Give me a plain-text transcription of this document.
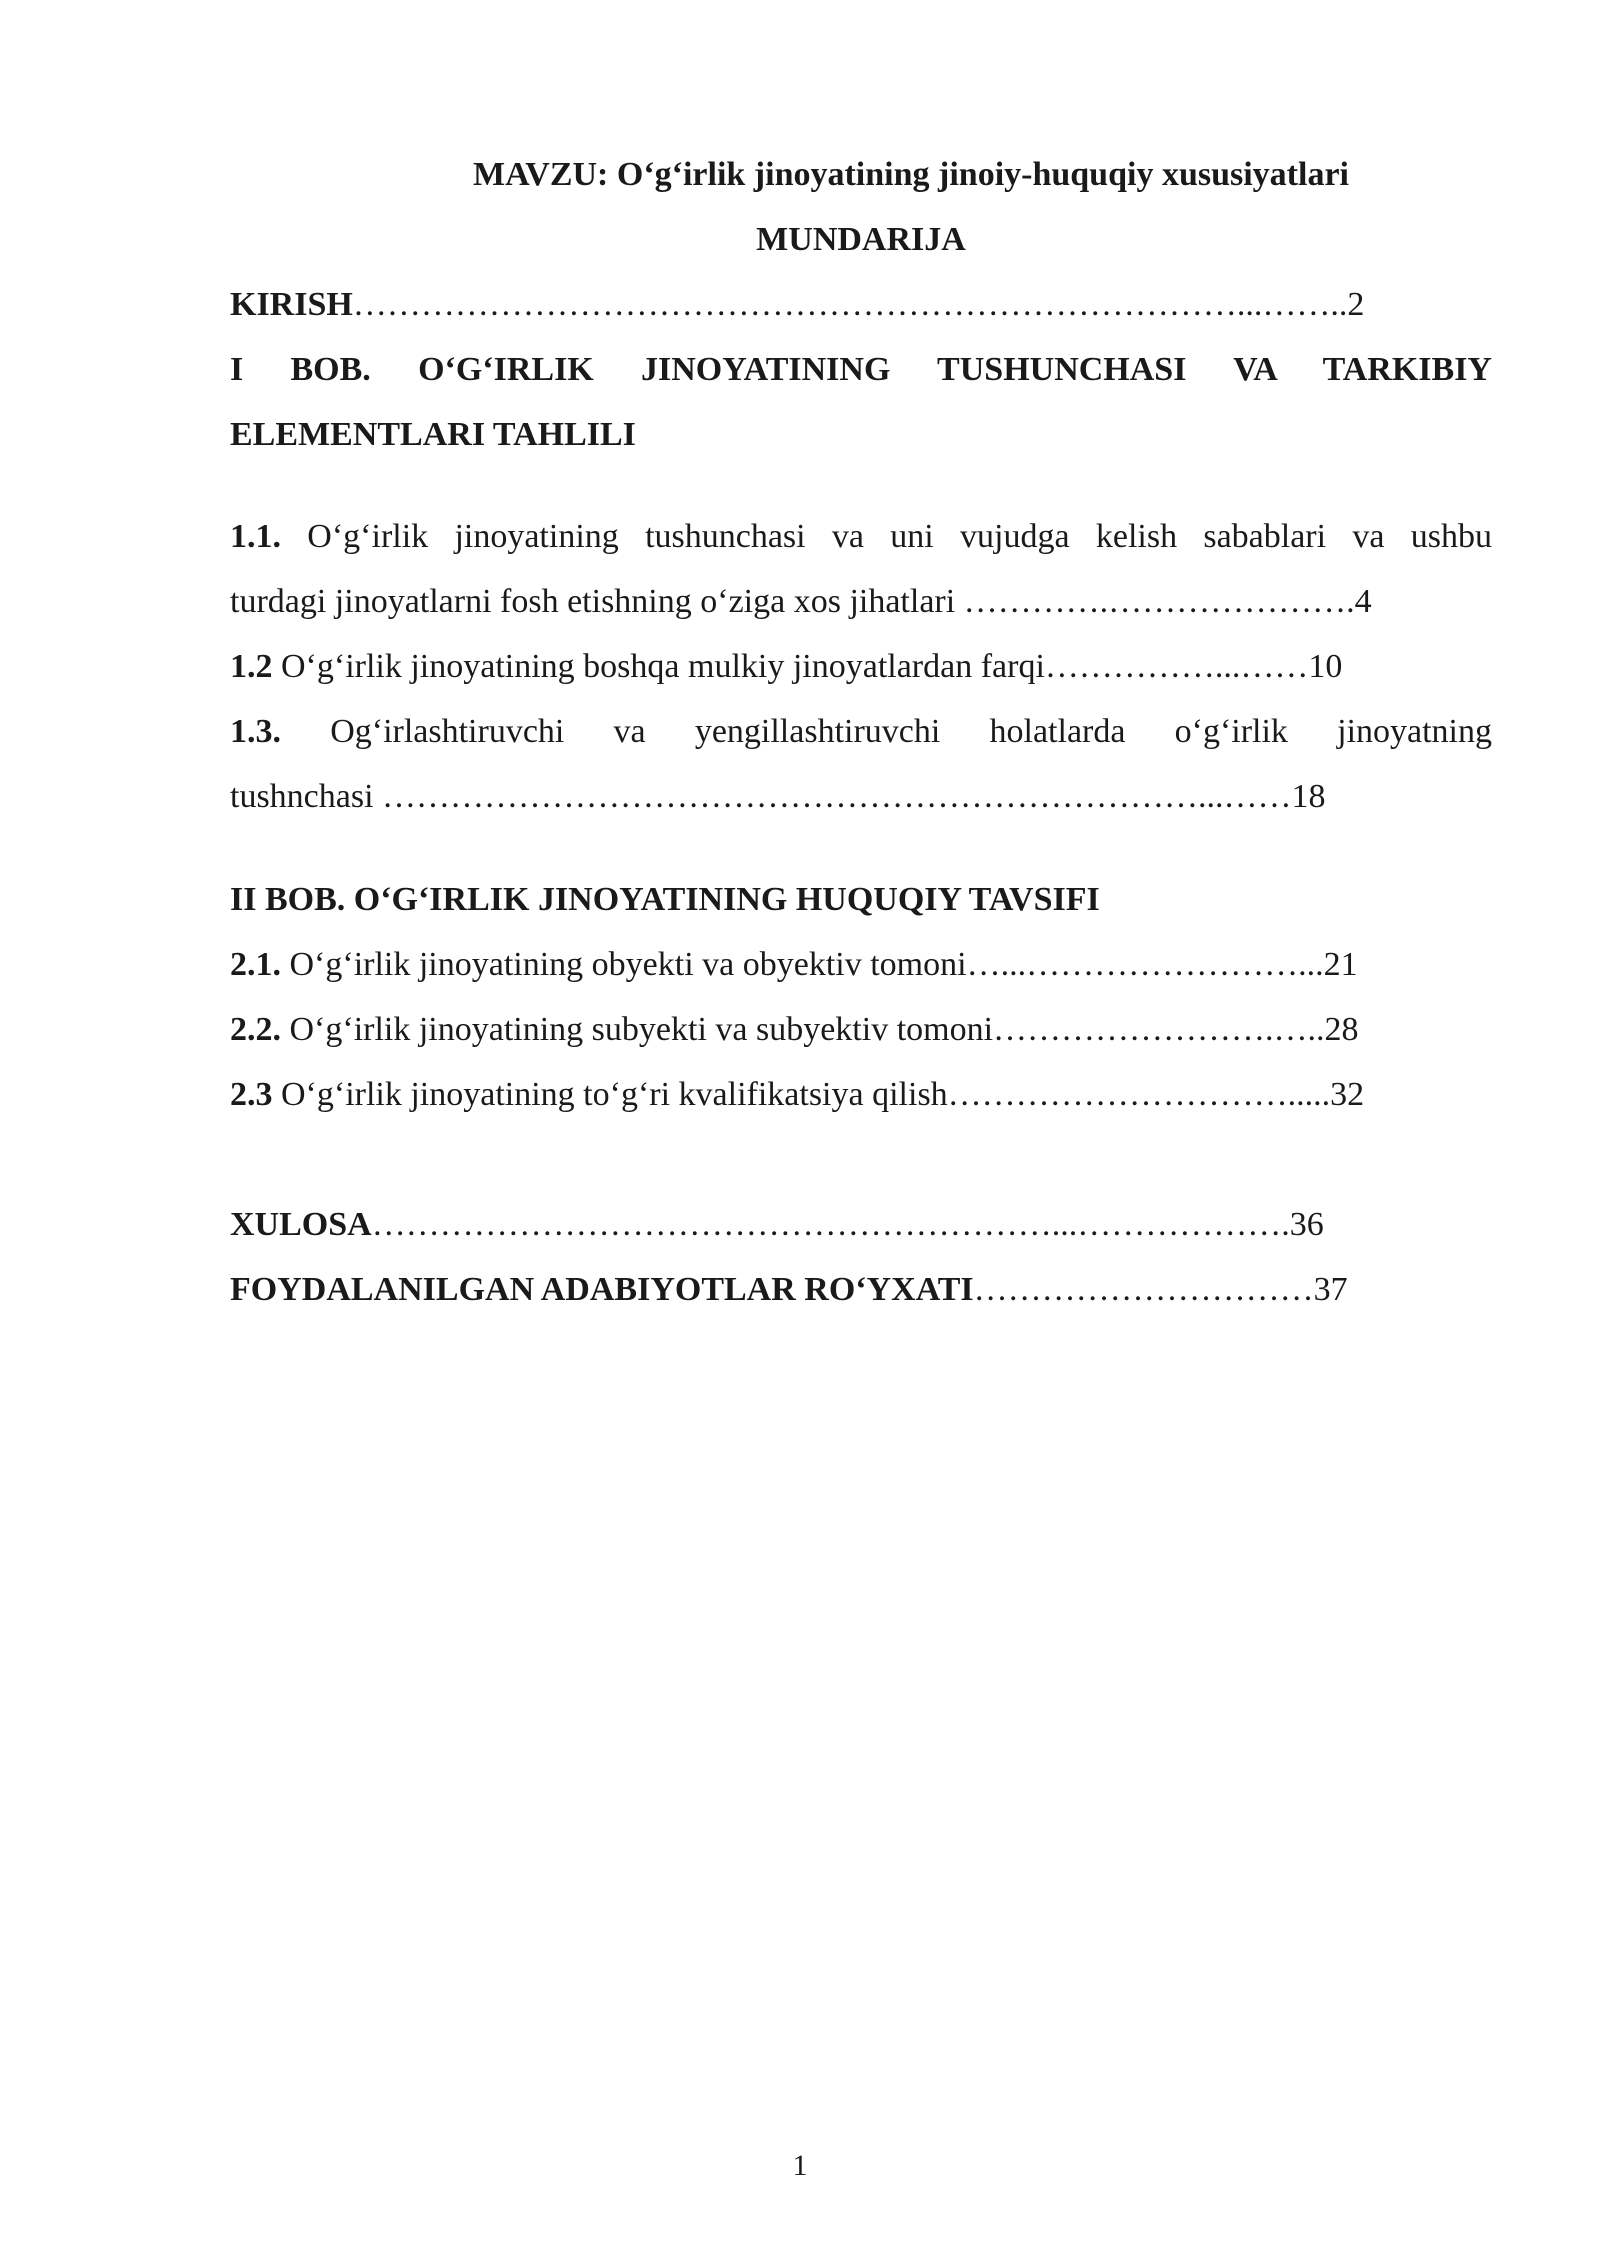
MAVZU: O‘g‘irlik jinoyatining jinoiy-huquqiy xususiyatlari
MUNDARIJA
KIRISH……………………………………………………………………...……..2
I BOB. O‘G‘IRLIK JINOYATINING TUSHUNCHASI VA TARKIBIY
ELEMENTLARI TAHLILI
1.1. O‘g‘irlik jinoyatining tushunchasi va uni vujudga kelish sabablari va ushbu
turdagi jinoyatlarni fosh etishning o‘ziga xos jihatlari ………….………………….4
1.2 O‘g‘irlik jinoyatining boshqa mulkiy jinoyatlardan farqi……………...……10
1.3. Og‘irlashtiruvchi va yengillashtiruvchi holatlarda o‘g‘irlik jinoyatning
tushnchasi ………………………………………………………………...……18
II BOB. O‘G‘IRLIK JINOYATINING HUQUQIY TAVSIFI
2.1. O‘g‘irlik jinoyatining obyekti va obyektiv tomoni…...……………………...21
2.2. O‘g‘irlik jinoyatining subyekti va subyektiv tomoni…………………….…..28
2.3 O‘g‘irlik jinoyatining to‘g‘ri kvalifikatsiya qilish………………………….....32
XULOSA……………………………………………………...……………….36
FOYDALANILGAN ADABIYOTLAR RO‘YXATI…………………………37
1
